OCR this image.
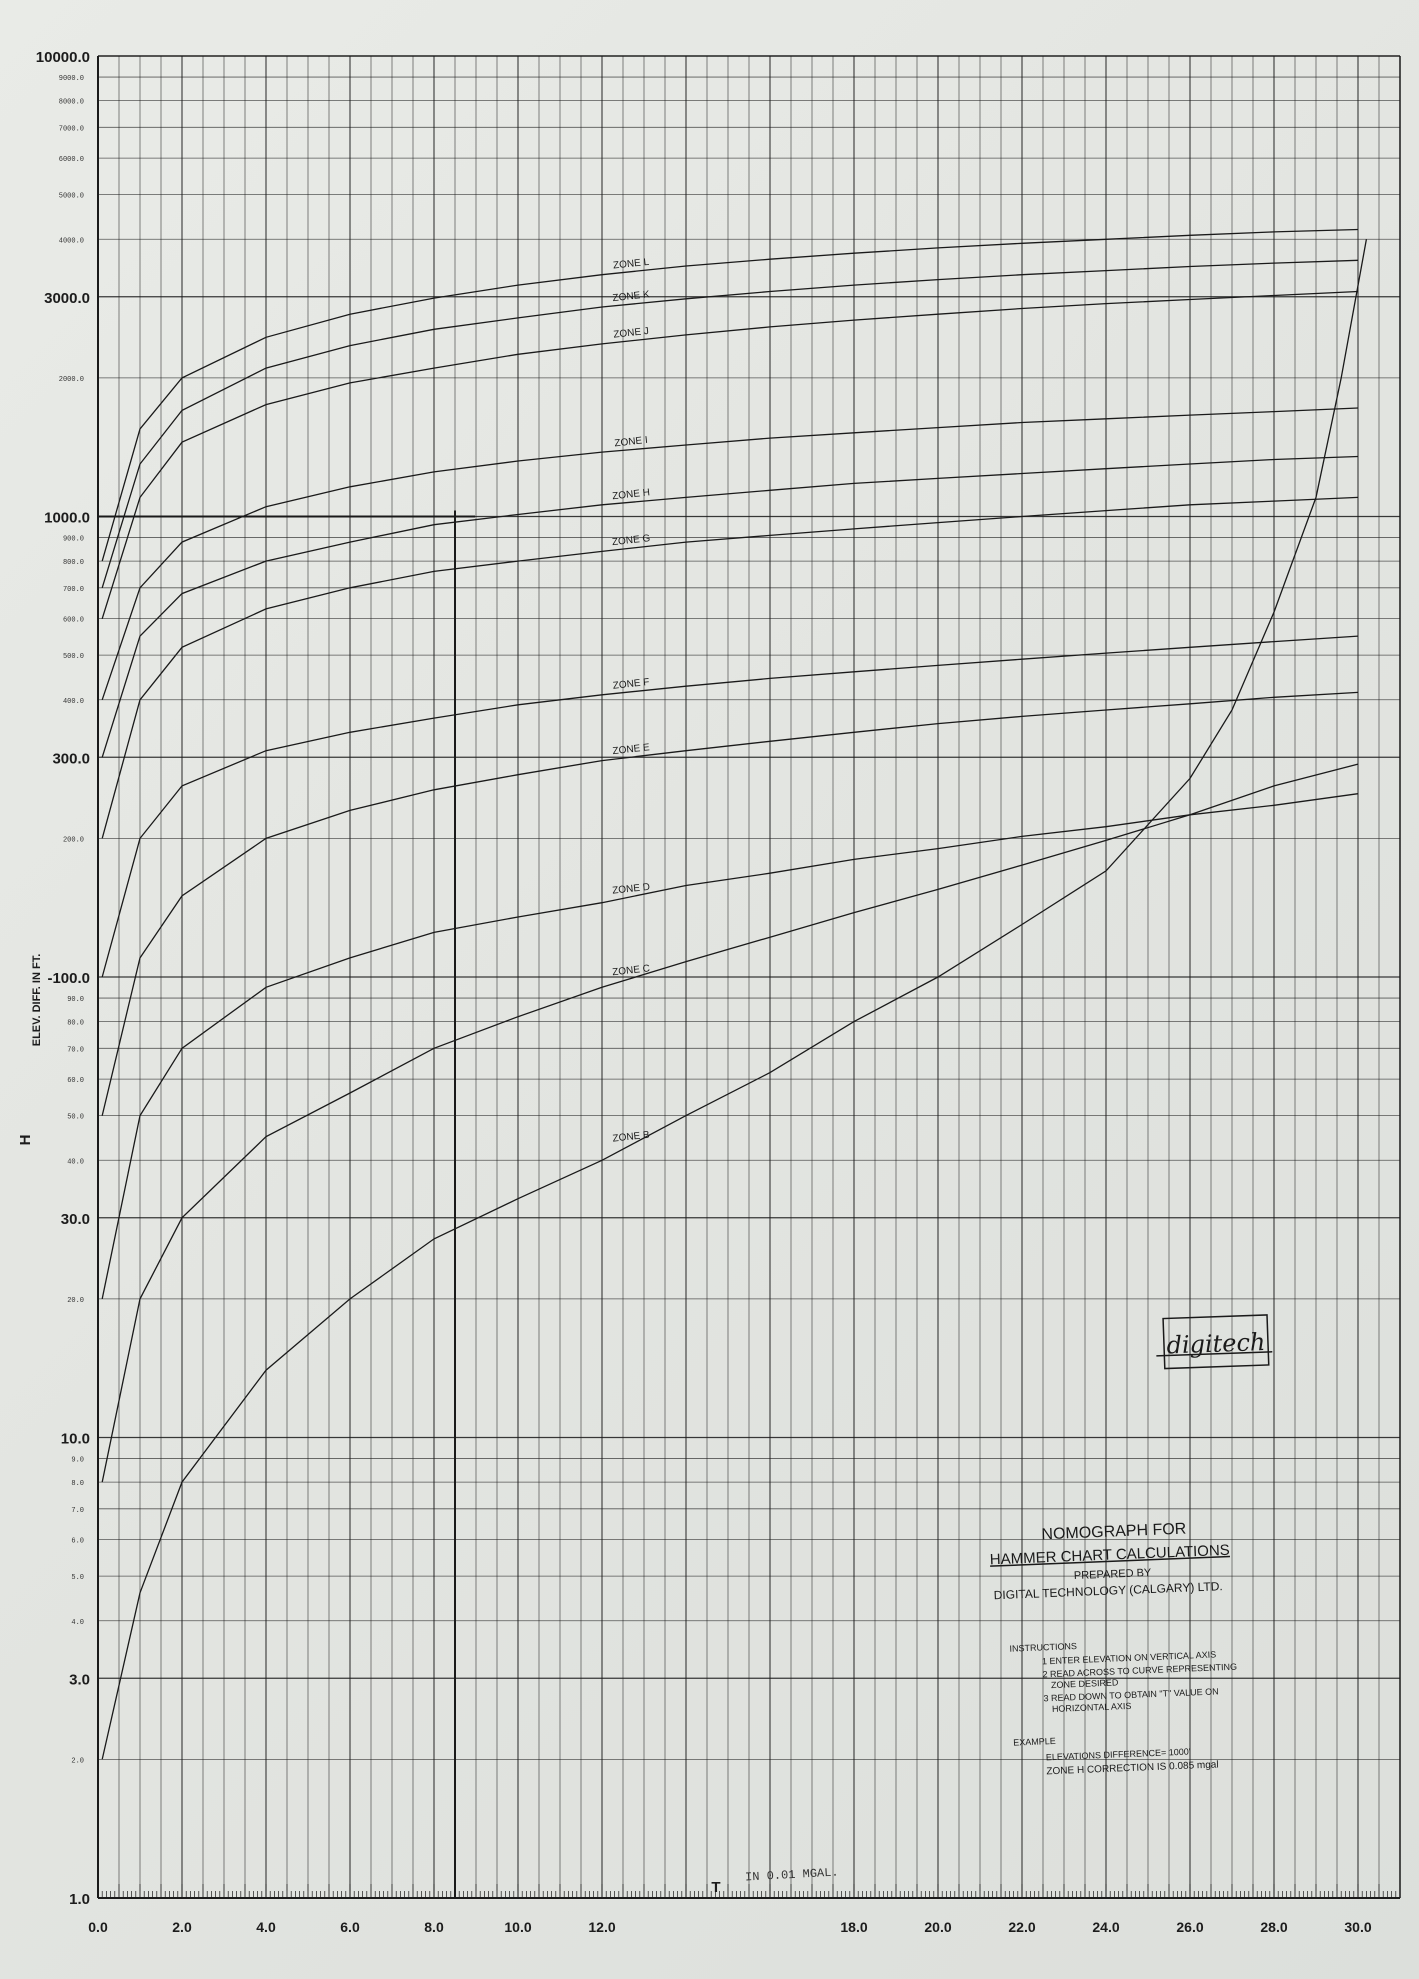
1.0
3.0
10.0
30.0
-100.0
300.0
1000.0
3000.0
10000.0
2.0
4.0
5.0
6.0
7.0
8.0
9.0
20.0
40.0
50.0
60.0
70.0
80.0
90.0
200.0
400.0
500.0
600.0
700.0
800.0
900.0
2000.0
4000.0
5000.0
6000.0
7000.0
8000.0
9000.0
0.0	2.0	4.0	6.0	8.0	10.0	12.0	18.0	20.0	22.0	24.0	26.0	28.0	30.0
ZONE B
ZONE C
ZONE D
ZONE E
ZONE F
ZONE G
ZONE H
ZONE I
ZONE J
ZONE K
ZONE L
H
ELEV. DIFF. IN FT.
T
IN 0.01 MGAL.
digitech
NOMOGRAPH FOR
HAMMER CHART CALCULATIONS
PREPARED BY
DIGITAL TECHNOLOGY (CALGARY) LTD.
INSTRUCTIONS
1 ENTER ELEVATION ON VERTICAL AXIS
2 READ ACROSS TO CURVE REPRESENTING
ZONE DESIRED
3 READ DOWN TO OBTAIN "T" VALUE ON
HORIZONTAL AXIS
EXAMPLE
ELEVATIONS DIFFERENCE= 1000'
ZONE H CORRECTION IS 0.085 mgal
